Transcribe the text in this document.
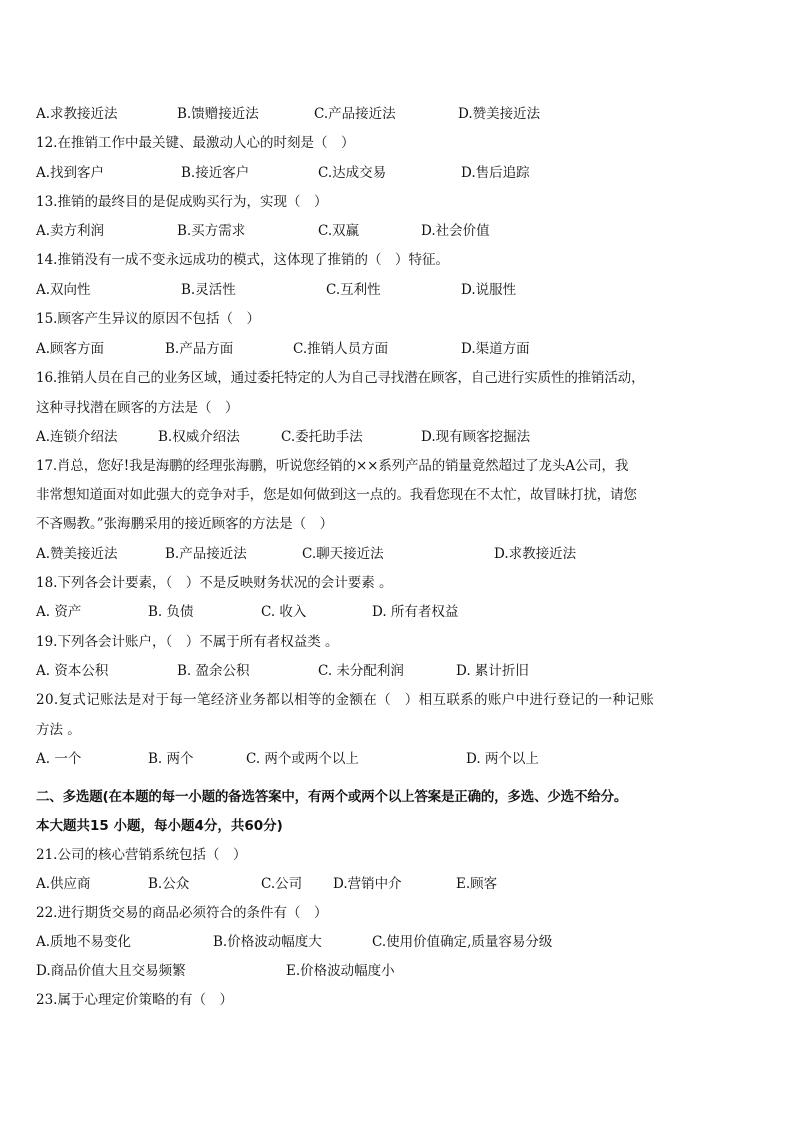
A.求教接近法	B.馈赠接近法	C.产品接近法	D.赞美接近法
12.在推销工作中最关键、最激动人心的时刻是（　）
A.找到客户	B.接近客户	C.达成交易	D.售后追踪
13.推销的最终目的是促成购买行为，实现（　）
A.卖方利润	B.买方需求	C.双赢	D.社会价值
14.推销没有一成不变永远成功的模式，这体现了推销的（　）特征。
A.双向性	B.灵活性	C.互利性	D.说服性
15.顾客产生异议的原因不包括（　）
A.顾客方面	B.产品方面	C.推销人员方面	D.渠道方面
16.推销人员在自己的业务区域，通过委托特定的人为自己寻找潜在顾客，自己进行实质性的推销活动，
这种寻找潜在顾客的方法是（　）
A.连锁介绍法	B.权威介绍法	C.委托助手法	D.现有顾客挖掘法
17.肖总，您好!我是海鹏的经理张海鹏，听说您经销的××系列产品的销量竟然超过了龙头A公司，我
非常想知道面对如此强大的竞争对手，您是如何做到这一点的。我看您现在不太忙，故冒昧打扰，请您
不吝赐教。”张海鹏采用的接近顾客的方法是（　）
A.赞美接近法	B.产品接近法	C.聊天接近法	D.求教接近法
18.下列各会计要素，（　）不是反映财务状况的会计要素 。
A. 资产	B. 负债	C. 收入	D. 所有者权益
19.下列各会计账户，（　）不属于所有者权益类 。
A. 资本公积	B. 盈余公积	C. 未分配利润	D. 累计折旧
20.复式记账法是对于每一笔经济业务都以相等的金额在（　）相互联系的账户中进行登记的一种记账
方法 。
A. 一个	B. 两个	C. 两个或两个以上	D. 两个以上
二、多选题(在本题的每一小题的备选答案中，有两个或两个以上答案是正确的，多选、少选不给分。
本大题共15 小题，每小题4分，共60分)
21.公司的核心营销系统包括（　）
A.供应商	B.公众	C.公司 D.营销中介	E.顾客
22.进行期货交易的商品必须符合的条件有（　）
A.质地不易变化	B.价格波动幅度大	C.使用价值确定,质量容易分级
D.商品价值大且交易频繁	E.价格波动幅度小
23.属于心理定价策略的有（　）
